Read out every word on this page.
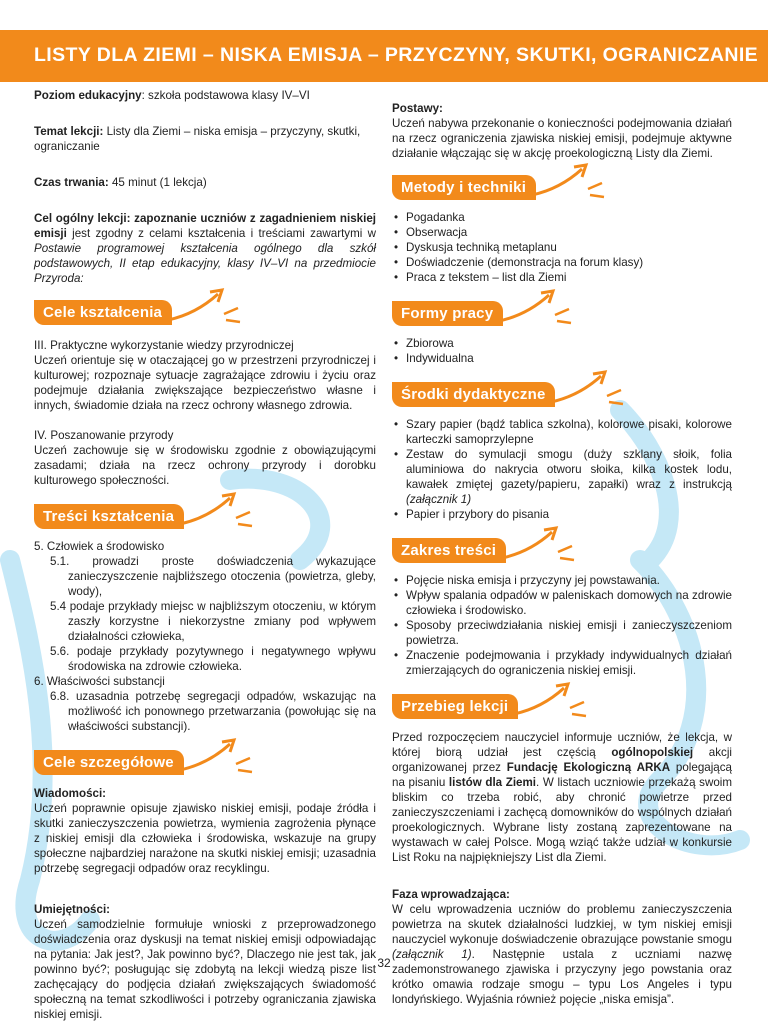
LISTY DLA ZIEMI – NISKA EMISJA – PRZYCZYNY, SKUTKI, OGRANICZANIE

Poziom edukacyjny: szkoła podstawowa klasy IV–VI

Temat lekcji: Listy dla Ziemi – niska emisja – przyczyny, skutki, ograniczanie

Czas trwania: 45 minut (1 lekcja)

Cel ogólny lekcji: zapoznanie uczniów z zagadnieniem niskiej emisji jest zgodny z celami kształcenia i treściami zawartymi w Postawie programowej kształcenia ogólnego dla szkół podstawowych, II etap edukacyjny, klasy IV–VI na przedmiocie Przyroda:

Cele kształcenia

III. Praktyczne wykorzystanie wiedzy przyrodniczej
Uczeń orientuje się w otaczającej go w przestrzeni przyrodniczej i kulturowej; rozpoznaje sytuacje zagrażające zdrowiu i życiu oraz podejmuje działania zwiększające bezpieczeństwo własne i innych, świadomie działa na rzecz ochrony własnego zdrowia.

IV. Poszanowanie przyrody
Uczeń zachowuje się w środowisku zgodnie z obowiązującymi zasadami; działa na rzecz ochrony przyrody i dorobku kulturowego społeczności.

Treści kształcenia

5. Człowiek a środowisko

5.1. prowadzi proste doświadczenia wykazujące zanieczyszczenie najbliższego otoczenia (powietrza, gleby, wody),

5.4 podaje przykłady miejsc w najbliższym otoczeniu, w którym zaszły korzystne i niekorzystne zmiany pod wpływem działalności człowieka,

5.6. podaje przykłady pozytywnego i negatywnego wpływu środowiska na zdrowie człowieka.

6. Właściwości substancji

6.8. uzasadnia potrzebę segregacji odpadów, wskazując na możliwość ich ponownego przetwarzania (powołując się na właściwości substancji).

Cele szczegółowe

Wiadomości:

Uczeń poprawnie opisuje zjawisko niskiej emisji, podaje źródła i skutki zanieczyszczenia powietrza, wymienia zagrożenia płynące z niskiej emisji dla człowieka i środowiska, wskazuje na grupy społeczne najbardziej narażone na skutki niskiej emisji; uzasadnia potrzebę segregacji odpadów oraz recyklingu.

Umiejętności:

Uczeń samodzielnie formułuje wnioski z przeprowadzonego doświadczenia oraz dyskusji na temat niskiej emisji odpowiadając na pytania: Jak jest?, Jak powinno być?, Dlaczego nie jest tak, jak powinno być?; posługując się zdobytą na lekcji wiedzą pisze list zachęcający do podjęcia działań zwiększających świadomość społeczną na temat szkodliwości i potrzeby ograniczania zjawiska niskiej emisji.

Postawy:

Uczeń nabywa przekonanie o konieczności podejmowania działań na rzecz ograniczenia zjawiska niskiej emisji, podejmuje aktywne działanie włączając się w akcję proekologiczną Listy dla Ziemi.

Metody i techniki
• Pogadanka
• Obserwacja
• Dyskusja techniką metaplanu
• Doświadczenie (demonstracja na forum klasy)
• Praca z tekstem – list dla Ziemi
Formy pracy
• Zbiorowa
• Indywidualna
Środki dydaktyczne
• Szary papier (bądź tablica szkolna), kolorowe pisaki, kolorowe karteczki samoprzylepne
• Zestaw do symulacji smogu (duży szklany słoik, folia aluminiowa do nakrycia otworu słoika, kilka kostek lodu, kawałek zmiętej gazety/papieru, zapałki) wraz z instrukcją (załącznik 1)
• Papier i przybory do pisania
Zakres treści
• Pojęcie niska emisja i przyczyny jej powstawania.
• Wpływ spalania odpadów w paleniskach domowych na zdrowie człowieka i środowisko.
• Sposoby przeciwdziałania niskiej emisji i zanieczyszczeniom powietrza.
• Znaczenie podejmowania i przykłady indywidualnych działań zmierzających do ograniczenia niskiej emisji.
Przebieg lekcji

Przed rozpoczęciem nauczyciel informuje uczniów, że lekcja, w której biorą udział jest częścią ogólnopolskiej akcji organizowanej przez Fundację Ekologiczną ARKA polegającą na pisaniu listów dla Ziemi. W listach uczniowie przekażą swoim bliskim co trzeba robić, aby chronić powietrze przed zanieczyszczeniami i zachęcą domowników do wspólnych działań proekologicznych. Wybrane listy zostaną zaprezentowane na wystawach w całej Polsce. Mogą wziąć także udział w konkursie List Roku na najpiękniejszy List dla Ziemi.

Faza wprowadzająca:

W celu wprowadzenia uczniów do problemu zanieczyszczenia powietrza na skutek działalności ludzkiej, w tym niskiej emisji nauczyciel wykonuje doświadczenie obrazujące powstanie smogu (załącznik 1). Następnie ustala z uczniami nazwę zademonstrowanego zjawiska i przyczyny jego powstania oraz krótko omawia rodzaje smogu – typu Los Angeles i typu londyńskiego. Wyjaśnia również pojęcie „niska emisja”.

32
